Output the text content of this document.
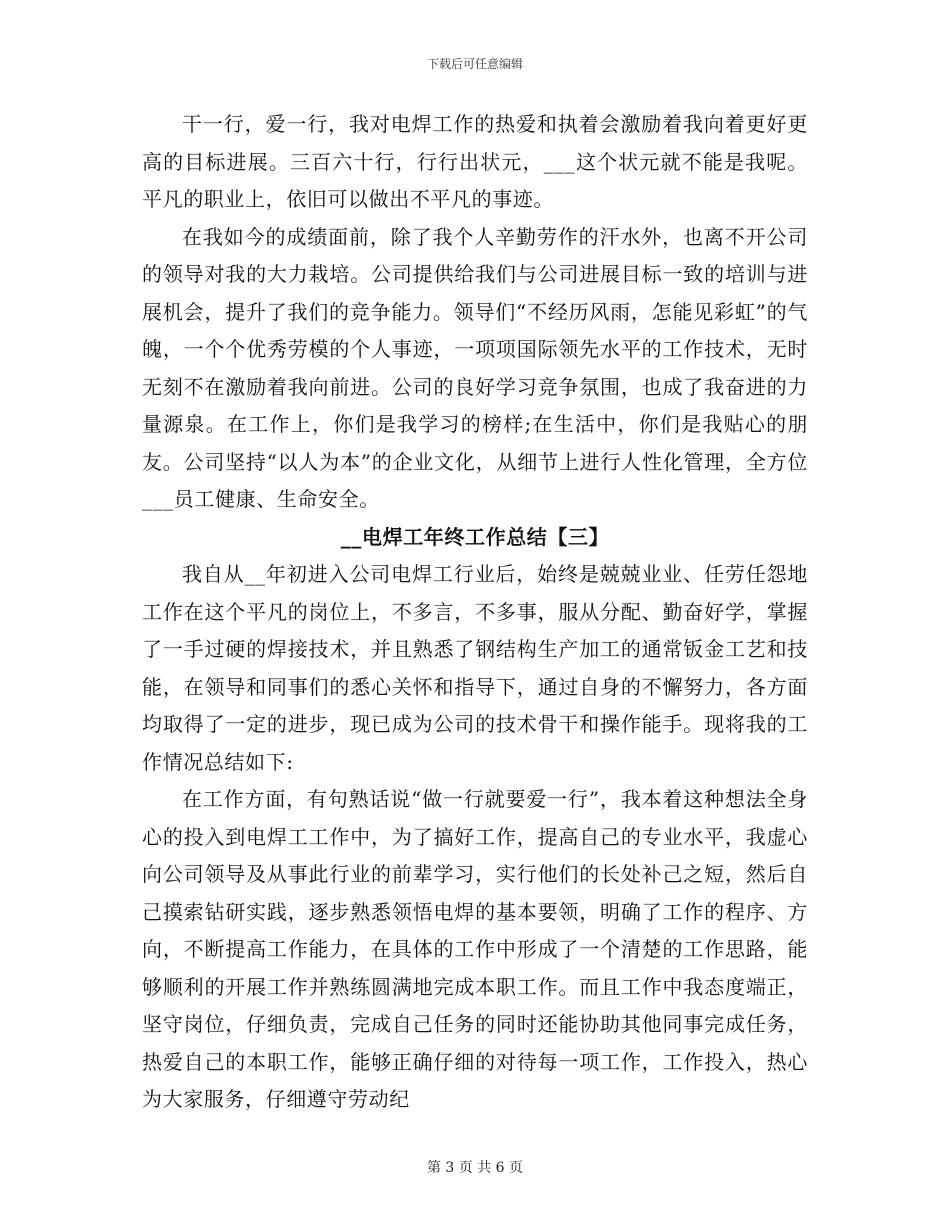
下载后可任意编辑

干一行，爱一行，我对电焊工作的热爱和执着会激励着我向着更好更高的目标进展。三百六十行，行行出状元，___这个状元就不能是我呢。平凡的职业上，依旧可以做出不平凡的事迹。

在我如今的成绩面前，除了我个人辛勤劳作的汗水外，也离不开公司的领导对我的大力栽培。公司提供给我们与公司进展目标一致的培训与进展机会，提升了我们的竞争能力。领导们“不经历风雨，怎能见彩虹”的气魄，一个个优秀劳模的个人事迹，一项项国际领先水平的工作技术，无时无刻不在激励着我向前进。公司的良好学习竞争氛围，也成了我奋进的力量源泉。在工作上，你们是我学习的榜样;在生活中，你们是我贴心的朋友。公司坚持“以人为本”的企业文化，从细节上进行人性化管理，全方位___员工健康、生命安全。

__电焊工年终工作总结【三】

我自从__年初进入公司电焊工行业后，始终是兢兢业业、任劳任怨地工作在这个平凡的岗位上，不多言，不多事，服从分配、勤奋好学，掌握了一手过硬的焊接技术，并且熟悉了钢结构生产加工的通常钣金工艺和技能，在领导和同事们的悉心关怀和指导下，通过自身的不懈努力，各方面均取得了一定的进步，现已成为公司的技术骨干和操作能手。现将我的工作情况总结如下:

在工作方面，有句熟话说“做一行就要爱一行”，我本着这种想法全身心的投入到电焊工工作中，为了搞好工作，提高自己的专业水平，我虚心向公司领导及从事此行业的前辈学习，实行他们的长处补己之短，然后自己摸索钻研实践，逐步熟悉领悟电焊的基本要领，明确了工作的程序、方向，不断提高工作能力，在具体的工作中形成了一个清楚的工作思路，能够顺利的开展工作并熟练圆满地完成本职工作。而且工作中我态度端正，坚守岗位，仔细负责，完成自己任务的同时还能协助其他同事完成任务，热爱自己的本职工作，能够正确仔细的对待每一项工作，工作投入，热心为大家服务，仔细遵守劳动纪

第 3 页 共 6 页
